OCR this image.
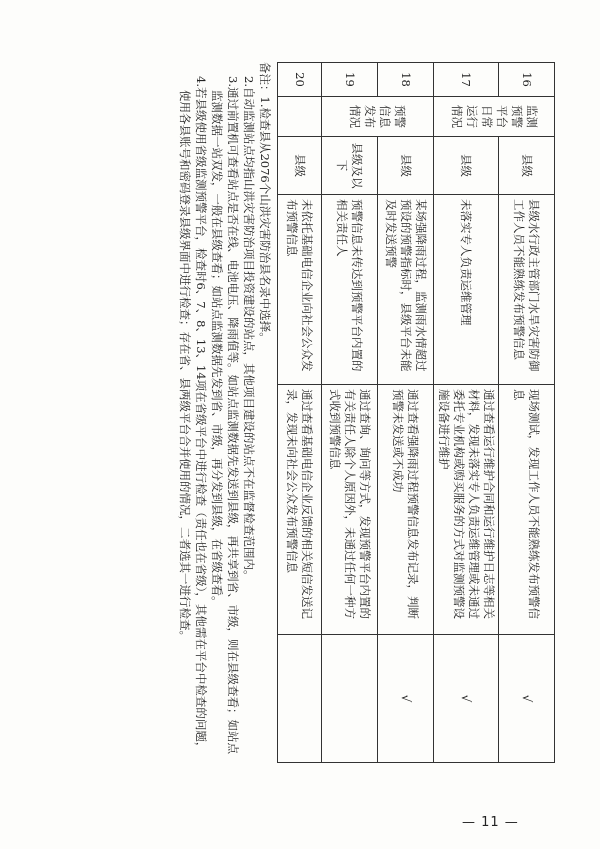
16	监测预警平台日常运行情况	县级	县级水行政主管部门水旱灾害防御工作人员不能熟练发布预警信息	现场测试，发现工作人员不能熟练发布预警信息	√
17		县级	未落实专人负责运维管理	通过查看运行维护合同和运行维护日志等相关材料，发现未落实专人负责运维管理或未通过委托专业机构或购买服务的方式对监测预警设施设备进行维护	√
18	预警信息发布情况	县级	某场强降雨过程，监测雨水情超过预设的预警指标时，县级平台未能及时发送预警	通过查看强降雨过程预警信息发布记录，判断预警未发送或不成功	√
19		县级及以下	预警信息未传达到预警平台内置的相关责任人	通过查询、询问等方式，发现预警平台内置的有关责任人除个人原因外，未通过任何一种方式收到预警信息	
20		县级	未依托基础电信企业向社会公众发布预警信息	通过查看基础电信企业反馈的相关短信发送记录，发现未向社会公众发布预警信息	

备注：1.检查县从2076个山洪灾害防治县名录中选择。

2.自动监测站点均指山洪灾害防治项目投资建设的站点，其他项目建设的站点不在监督检查范围内。

3.通过前置机可查看站点是否在线、电池电压、降雨值等。如站点监测数据先发送到县级，再共享到省、市级，则在县级查看；如站点监测数据一站双发，一般在县级查看；如站点监测数据先发到省、市级，再分发到县级，在省级查看。

4.若县级使用省级监测预警平台，检查时6、7、8、13、14项在省级平台中进行检查（责任也在省级），其他需在平台中检查的问题，使用各县账号和密码登录县级界面中进行检查；存在省、县两级平台合并使用的情况，二者选其一进行检查。

— 11 —
